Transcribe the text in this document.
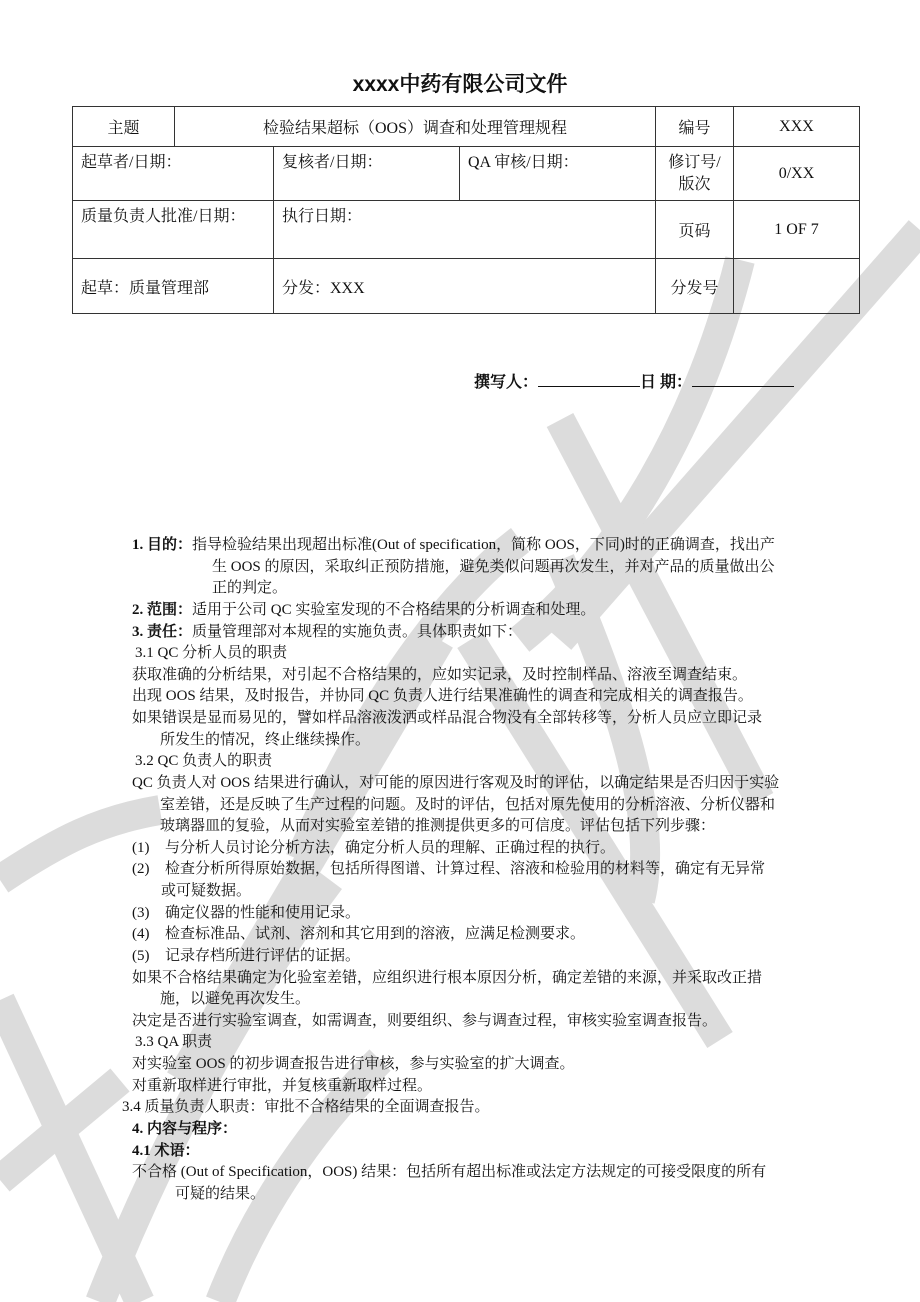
xxxx中药有限公司文件
主题	检验结果超标（OOS）调查和处理管理规程			编号	XXX
起草者/日期：		复核者/日期：	QA 审核/日期：	修订号/版次	0/XX
质量负责人批准/日期：		执行日期：		页码	1 OF 7
起草：质量管理部		分发：XXX		分发号	
撰写人：	日 期：
1. 目的：指导检验结果出现超出标准(Out of specification，简称 OOS，下同)时的正确调查，找出产
生 OOS 的原因，采取纠正预防措施，避免类似问题再次发生，并对产品的质量做出公
正的判定。
2. 范围：适用于公司 QC 实验室发现的不合格结果的分析调查和处理。
3. 责任：质量管理部对本规程的实施负责。具体职责如下：
3.1 QC 分析人员的职责
获取准确的分析结果，对引起不合格结果的，应如实记录，及时控制样品、溶液至调查结束。
出现 OOS 结果，及时报告，并协同 QC 负责人进行结果准确性的调查和完成相关的调查报告。
如果错误是显而易见的，譬如样品溶液泼洒或样品混合物没有全部转移等，分析人员应立即记录
所发生的情况，终止继续操作。
3.2 QC 负责人的职责
QC 负责人对 OOS 结果进行确认，对可能的原因进行客观及时的评估，以确定结果是否归因于实验
室差错，还是反映了生产过程的问题。及时的评估，包括对原先使用的分析溶液、分析仪器和
玻璃器皿的复验，从而对实验室差错的推测提供更多的可信度。评估包括下列步骤：
(1) 与分析人员讨论分析方法，确定分析人员的理解、正确过程的执行。
(2) 检查分析所得原始数据，包括所得图谱、计算过程、溶液和检验用的材料等，确定有无异常
或可疑数据。
(3) 确定仪器的性能和使用记录。
(4) 检查标准品、试剂、溶剂和其它用到的溶液，应满足检测要求。
(5) 记录存档所进行评估的证据。
如果不合格结果确定为化验室差错，应组织进行根本原因分析，确定差错的来源，并采取改正措
施，以避免再次发生。
决定是否进行实验室调查，如需调查，则要组织、参与调查过程，审核实验室调查报告。
3.3 QA 职责
对实验室 OOS 的初步调查报告进行审核，参与实验室的扩大调查。
对重新取样进行审批，并复核重新取样过程。
3.4 质量负责人职责：审批不合格结果的全面调查报告。
4. 内容与程序：
4.1 术语：
不合格 (Out of Specification，OOS) 结果：包括所有超出标准或法定方法规定的可接受限度的所有
可疑的结果。
